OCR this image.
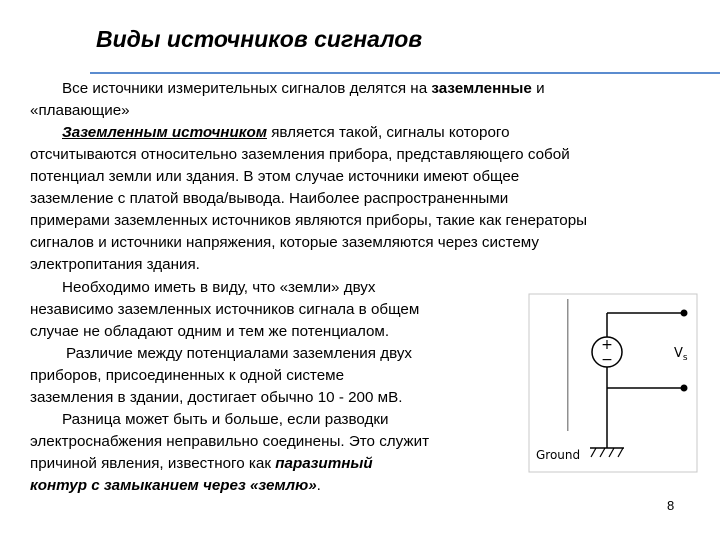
Виды источников сигналов
Все источники измерительных сигналов делятся на заземленные и
«плавающие»
Заземленным источником является такой, сигналы которого
отсчитываются относительно заземления прибора, представляющего собой
потенциал земли или здания. В этом случае источники имеют общее
заземление с платой ввода/вывода. Наиболее распространенными
примерами заземленных источников являются приборы, такие как генераторы
сигналов и источники напряжения, которые заземляются через систему
электропитания здания.
Необходимо иметь в виду, что «земли» двух
независимо заземленных источников сигнала в общем
случае не обладают одним и тем же потенциалом.
Различие между потенциалами заземления двух
приборов, присоединенных к одной системе
заземления в здании, достигает обычно 10 - 200 мВ.
Разница может быть и больше, если разводки
электроснабжения неправильно соединены. Это служит
причиной явления, известного как паразитный
контур с замыканием через «землю».
+
−	$V_s$
Ground
8
